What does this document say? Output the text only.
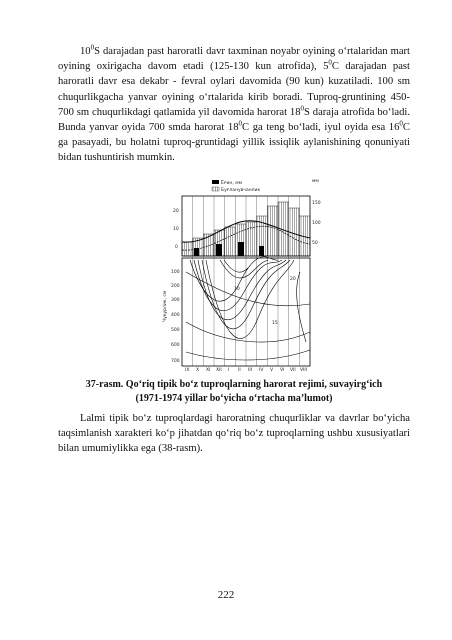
$10^0S$ darajadan past haroratli davr taxminan noyabr oyining o‘rtalaridan mart oyining oxirigacha davom etadi (125-130 kun atrofida), $5^0C$ darajadan past haroratli davr esa dekabr - fevral oylari davomida (90 kun) kuzatiladi. 100 sm chuqurlikgacha yanvar oyining o‘rtalarida kirib boradi. Tuproq-gruntining 450-700 sm chuqurlikdagi qatlamida yil davomida harorat $18^0S$ daraja atrofida bo‘ladi. Bunda yanvar oyida 700 smda harorat $18^0C$ ga teng bo‘ladi, iyul oyida esa $16^0C$ ga pasayadi, bu holatni tuproq-gruntidagi yillik issiqlik aylanishining qonuniyati bidan tushuntirish mumkin.

Ёғин, мм
Буғланувчанлик
мм
150
100
50
20
10
0
100
200
300
400
500
600
700
Чуқурлик, см
20
10
15
IX X XI XII I II III IV V VI VII VIII

37-rasm. Qo‘riq tipik bo‘z tuproqlarning harorat rejimi, suvayirg‘ich
(1971-1974 yillar bo‘yicha o‘rtacha ma’lumot)

Lalmi tipik bo‘z tuproqlardagi haroratning chuqurliklar va davrlar bo‘yicha taqsimlanish xarakteri ko‘p jihatdan qo‘riq bo‘z tuproqlarning ushbu xususiyatlari bilan umumiylikka ega (38-rasm).

222
